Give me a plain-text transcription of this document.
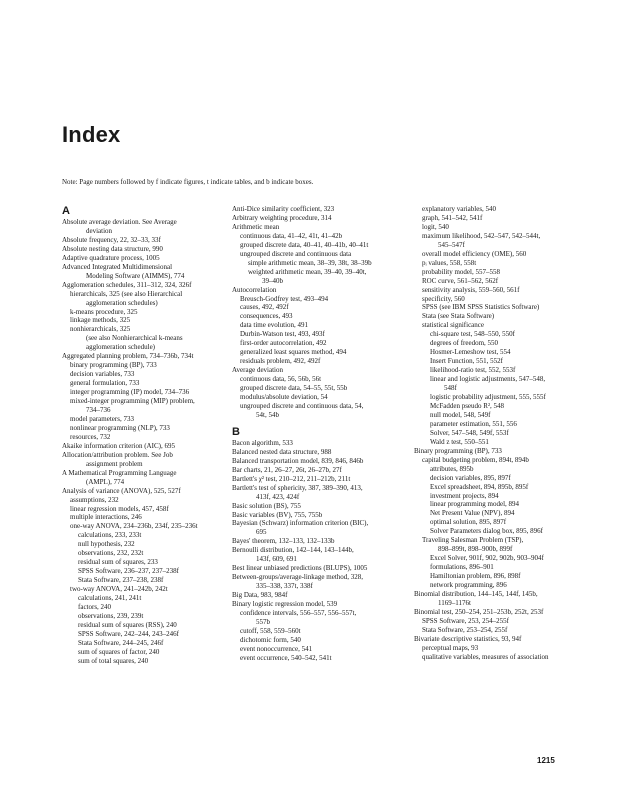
Index
Note: Page numbers followed by f indicate figures, t indicate tables, and b indicate boxes.
A
Absolute average deviation. See Average
deviation
Absolute frequency, 22, 32–33, 33f
Absolute nesting data structure, 990
Adaptive quadrature process, 1005
Advanced Integrated Multidimensional
Modeling Software (AIMMS), 774
Agglomeration schedules, 311–312, 324, 326f
hierarchicals, 325 (see also Hierarchical
agglomeration schedules)
k-means procedure, 325
linkage methods, 325
nonhierarchicals, 325
(see also Nonhierarchical k-means
agglomeration schedule)
Aggregated planning problem, 734–736b, 734t
binary programming (BP), 733
decision variables, 733
general formulation, 733
integer programming (IP) model, 734–736
mixed-integer programming (MIP) problem,
734–736
model parameters, 733
nonlinear programming (NLP), 733
resources, 732
Akaike information criterion (AIC), 695
Allocation/attribution problem. See Job
assignment problem
A Mathematical Programming Language
(AMPL), 774
Analysis of variance (ANOVA), 525, 527f
assumptions, 232
linear regression models, 457, 458f
multiple interactions, 246
one-way ANOVA, 234–236b, 234f, 235–236t
calculations, 233, 233t
null hypothesis, 232
observations, 232, 232t
residual sum of squares, 233
SPSS Software, 236–237, 237–238f
Stata Software, 237–238, 238f
two-way ANOVA, 241–242b, 242t
calculations, 241, 241t
factors, 240
observations, 239, 239t
residual sum of squares (RSS), 240
SPSS Software, 242–244, 243–246f
Stata Software, 244–245, 246f
sum of squares of factor, 240
sum of total squares, 240
Anti-Dice similarity coefficient, 323
Arbitrary weighting procedure, 314
Arithmetic mean
continuous data, 41–42, 41t, 41–42b
grouped discrete data, 40–41, 40–41b, 40–41t
ungrouped discrete and continuous data
simple arithmetic mean, 38–39, 38t, 38–39b
weighted arithmetic mean, 39–40, 39–40t,
39–40b
Autocorrelation
Breusch-Godfrey test, 493–494
causes, 492, 492f
consequences, 493
data time evolution, 491
Durbin-Watson test, 493, 493f
first-order autocorrelation, 492
generalized least squares method, 494
residuals problem, 492, 492f
Average deviation
continuous data, 56, 56b, 56t
grouped discrete data, 54–55, 55t, 55b
modulus/absolute deviation, 54
ungrouped discrete and continuous data, 54,
54t, 54b
B
Bacon algorithm, 533
Balanced nested data structure, 988
Balanced transportation model, 839, 846, 846b
Bar charts, 21, 26–27, 26t, 26–27b, 27f
Bartlett's χ² test, 210–212, 211–212b, 211t
Bartlett's test of sphericity, 387, 389–390, 413,
413f, 423, 424f
Basic solution (BS), 755
Basic variables (BV), 755, 755b
Bayesian (Schwarz) information criterion (BIC),
695
Bayes' theorem, 132–133, 132–133b
Bernoulli distribution, 142–144, 143–144b,
143f, 609, 691
Best linear unbiased predictions (BLUPS), 1005
Between-groups/average-linkage method, 328,
335–338, 337t, 338f
Big Data, 983, 984f
Binary logistic regression model, 539
confidence intervals, 556–557, 556–557t,
557b
cutoff, 558, 559–560t
dichotomic form, 540
event nonoccurrence, 541
event occurrence, 540–542, 541t
explanatory variables, 540
graph, 541–542, 541f
logit, 540
maximum likelihood, 542–547, 542–544t,
545–547f
overall model efficiency (OME), 560
pᵢ values, 558, 558t
probability model, 557–558
ROC curve, 561–562, 562f
sensitivity analysis, 559–560, 561f
specificity, 560
SPSS (see IBM SPSS Statistics Software)
Stata (see Stata Software)
statistical significance
chi-square test, 548–550, 550f
degrees of freedom, 550
Hosmer-Lemeshow test, 554
Insert Function, 551, 552f
likelihood-ratio test, 552, 553f
linear and logistic adjustments, 547–548,
548f
logistic probability adjustment, 555, 555f
McFadden pseudo R², 548
null model, 548, 549f
parameter estimation, 551, 556
Solver, 547–548, 549f, 553f
Wald z test, 550–551
Binary programming (BP), 733
capital budgeting problem, 894t, 894b
attributes, 895b
decision variables, 895, 897f
Excel spreadsheet, 894, 895b, 895f
investment projects, 894
linear programming model, 894
Net Present Value (NPV), 894
optimal solution, 895, 897f
Solver Parameters dialog box, 895, 896f
Traveling Salesman Problem (TSP),
898–899t, 898–900b, 899f
Excel Solver, 901f, 902, 902b, 903–904f
formulations, 896–901
Hamiltonian problem, 896, 898f
network programming, 896
Binomial distribution, 144–145, 144f, 145b,
1169–1176t
Binomial test, 250–254, 251–253b, 252t, 253f
SPSS Software, 253, 254–255f
Stata Software, 253–254, 255f
Bivariate descriptive statistics, 93, 94f
perceptual maps, 93
qualitative variables, measures of association
1215
